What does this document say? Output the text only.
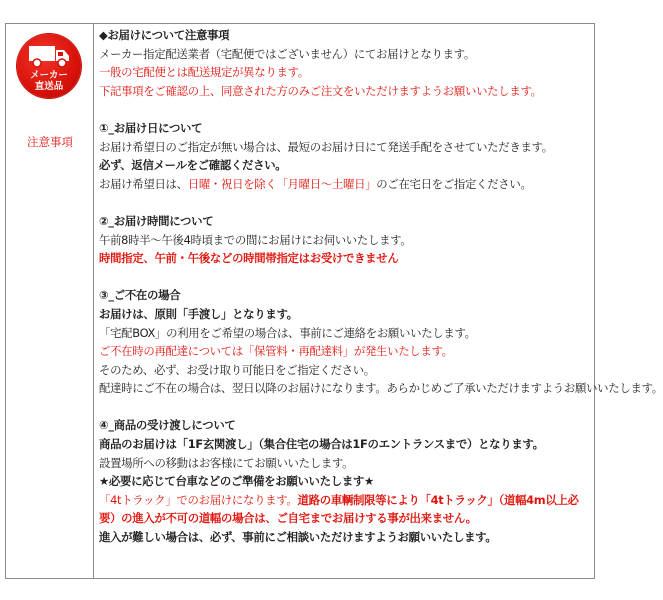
メーカー
直送品
注意事項
◆お届けについて注意事項
メーカー指定配送業者（宅配便ではございません）にてお届けとなります。
一般の宅配便とは配送規定が異なります。
下記事項をご確認の上、同意された方のみご注文をいただけますようお願いいたします。
①_お届け日について
お届け希望日のご指定が無い場合は、最短のお届け日にて発送手配をさせていただきます。
必ず、返信メールをご確認ください。
お届け希望日は、日曜・祝日を除く「月曜日～土曜日」のご在宅日をご指定ください。
②_お届け時間について
午前8時半～午後4時頃までの間にお届けにお伺いいたします。
時間指定、午前・午後などの時間帯指定はお受けできません
③_ご不在の場合
お届けは、原則「手渡し」となります。
「宅配BOX」の利用をご希望の場合は、事前にご連絡をお願いいたします。
ご不在時の再配達については「保管料・再配達料」が発生いたします。
そのため、必ず、お受け取り可能日をご指定ください。
配達時にご不在の場合は、翌日以降のお届けになります。あらかじめご了承いただけますようお願いいたします。
④_商品の受け渡しについて
商品のお届けは「1F玄関渡し」（集合住宅の場合は1Fのエントランスまで）となります。
設置場所への移動はお客様にてお願いいたします。
★必要に応じて台車などのご準備をお願いいたします★
「4tトラック」でのお届けになります。道路の車輌制限等により「4tトラック」（道幅4m以上必
要）の進入が不可の道幅の場合は、ご自宅までお届けする事が出来ません。
進入が難しい場合は、必ず、事前にご相談いただけますようお願いいたします。
